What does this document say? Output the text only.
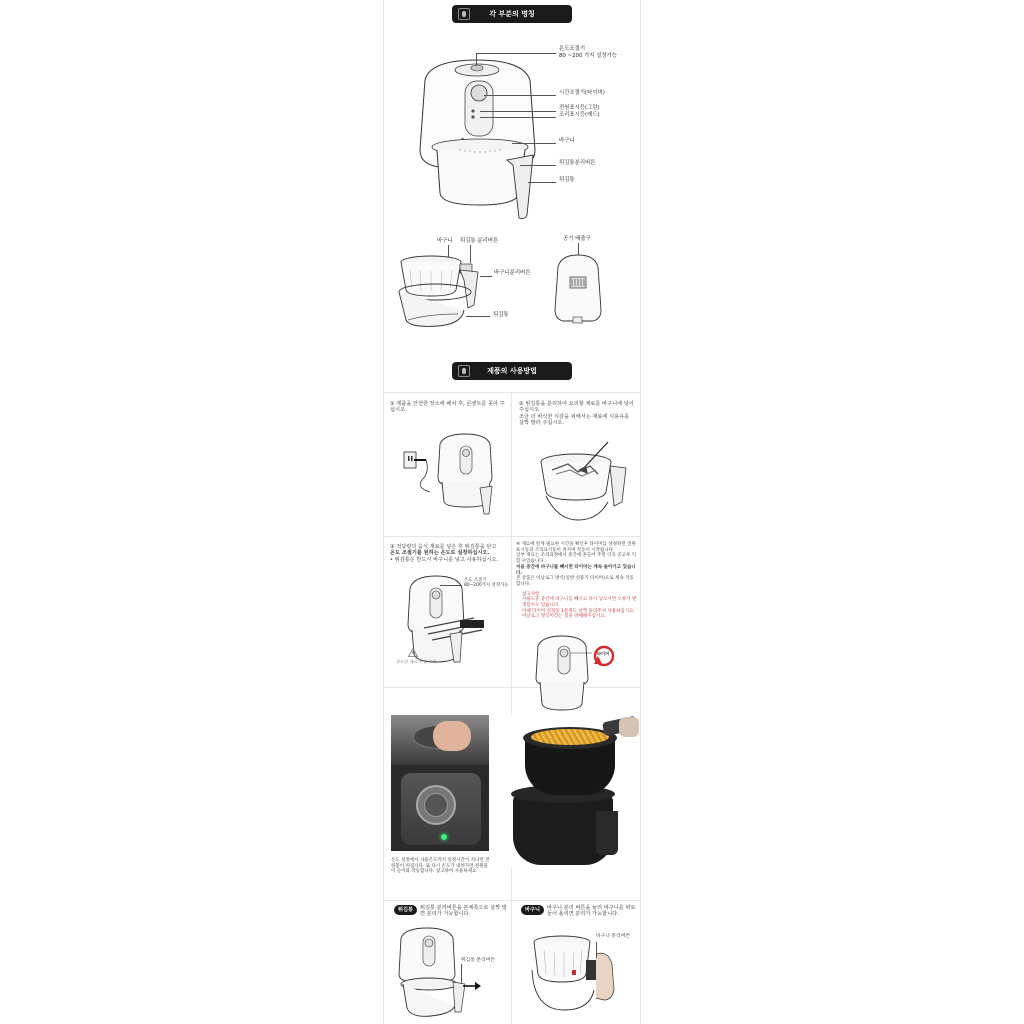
각 부분의 명칭
온도조절기
80 ~200 가지 설정가능
시간조절기(타이머)
전원표시등(그린)
조리표시등(레드)
바구니
튀김통분리버튼
튀김통
바구니 튀김통 분리버튼
바구니분리버튼
튀김통
공기 배출구
제품의 사용방법
① 제품을 안전한 장소에 배치 후, 콘센트를 꽂아 주십시오.
② 튀김통을 분리하여 요리할 재료를 바구니에 넣어주십시오.
조금 더 바삭한 식감을 위해서는 재료에 식용유를 살짝 발라 주십시오.
③ 적당량의 음식 재료를 넣은 후 튀김통을 닫고
온도 조절기를 원하는 온도로 설정하십시오.
• 튀김통은 반드시 바구니를 넣고 사용하십시오.
온도 조절기
80~200가지 설정가능
과도한 재료 투입 주의
④ 재료에 알게 필요한 시간을 확인후 타이머를 설정하면 전원표시등과 조리표시등이 켜지며 작동이 시작됩니다.
일부 재료는 조리과정에서 중간에 흔들어 주면 더욱 골고루 익힐 수있습니다.
저을 중간에 바구니를 빼시면 타이머는 계속 돌아가고 있습니다.
본 상품은 아날로그 방식(일반 선풍기 타이머)으로 계속 작동합니다.
참고사항
사용도중 중간에 바구니를 빼시고 다시 넣으시면 오류가 발생할수도 있습니다.
이때 타이머 설정을 1분정도 살짝 돌려주셔 사용하십시요.
아날로그 방식이라는 점을 양해해주십시요.
타이머
온도 설정에서 사용온도까지 일정시간이 지나면 전원불이 꺼집니다. 또 다시 온도가 내려가면 전원불이 들어와 작동합니다. 참고하여 사용하세요
튀김통	튀김통 분리버튼을 본체쪽으로 살짝 밀면 분리가 가능합니다.
튀김통 분리버튼
바구니	바구니 분리 버튼을 눌러 바구니를 위로 들어 올리면 분리가 가능합니다.
바구니 분리버튼
